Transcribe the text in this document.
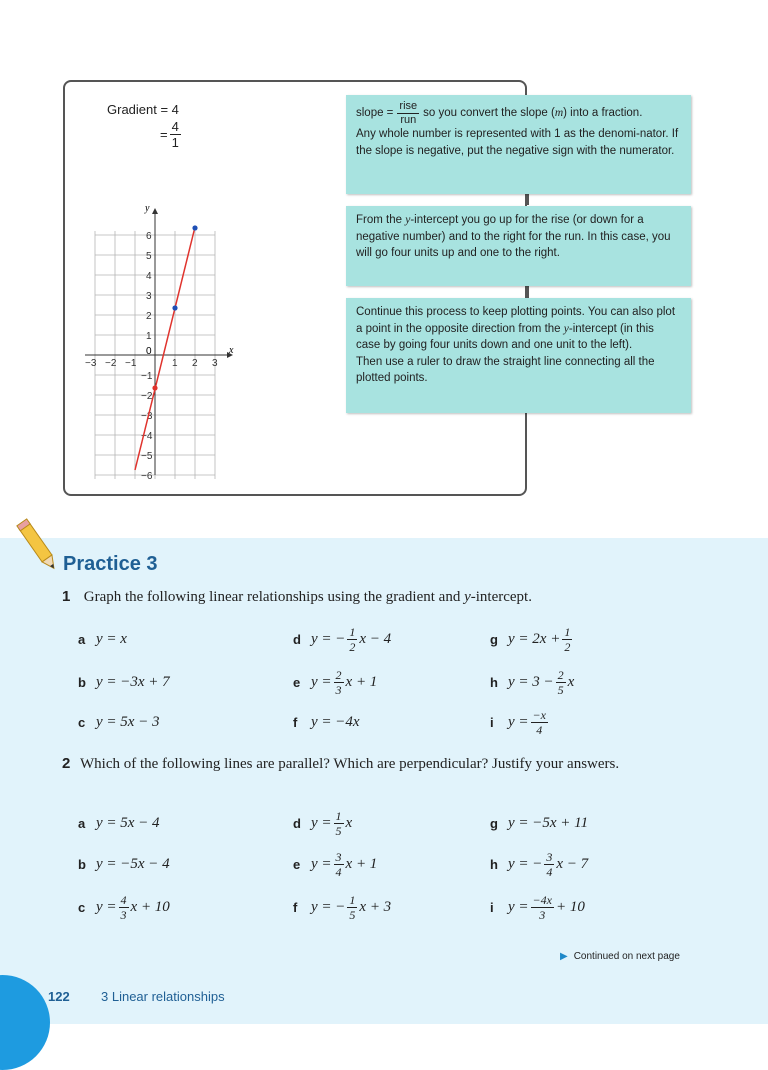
Gradient = 4
= $\frac{4}{1}$
slope = $\frac{\text{rise}}{\text{run}}$ so you convert the slope (m) into a fraction.
Any whole number is represented with 1 as the denomi-nator. If the slope is negative, put the negative sign with the numerator.
From the y-intercept you go up for the rise (or down for a negative number) and to the right for the run. In this case, you will go four units up and one to the right.
Continue this process to keep plotting points. You can also plot a point in the opposite direction from the y-intercept (in this case by going four units down and one unit to the left).
Then use a ruler to draw the straight line connecting all the plotted points.
x
y
0
−3 −2 −1	1 2 3
6
5
4
3
2
1
−1
−2
−3
−4
−5
−6
Practice 3
1 Graph the following linear relationships using the gradient and y-intercept.
a y = x
b y = −3x + 7
c y = 5x − 3
d y = − $\frac{1}{2}$ x − 4
e $y = \frac{2}{3}$ x + 1
f y = −4x
g $y = 2x + \frac{1}{2}$
h $y = 3 - \frac{2}{5}$ x
i $y = \frac{-x}{4}$
2 Which of the following lines are parallel? Which are perpendicular? Justify your answers.
a y = 5x − 4
b y = −5x − 4
c $y = \frac{4}{3}$ x + 10
d $y = \frac{1}{5}$ x
e $y = \frac{3}{4}$ x + 1
f y = − $\frac{1}{5}$ x + 3
g y = −5x + 11
h y = − $\frac{3}{4}$ x − 7
i $y = \frac{-4x}{3} + 10$
▶ Continued on next page
122 3 Linear relationships
